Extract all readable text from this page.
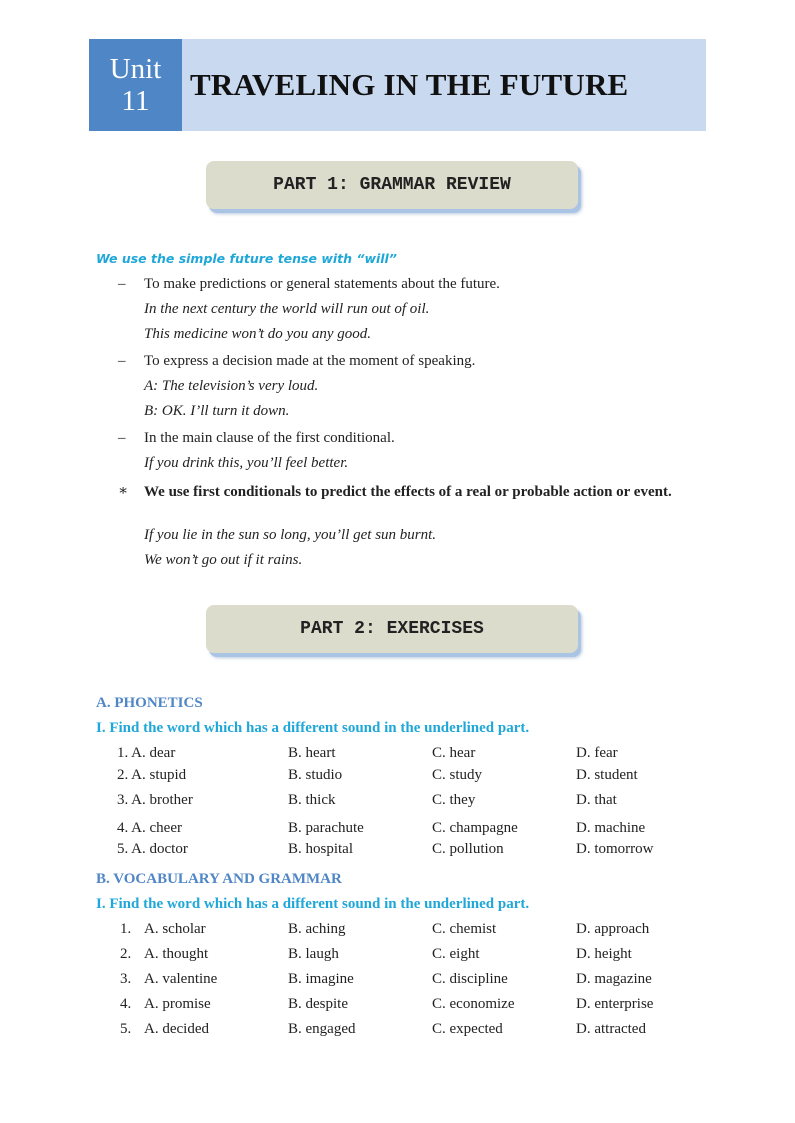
Unit
11 TRAVELING IN THE FUTURE
PART 1: GRAMMAR REVIEW
We use the simple future tense with “will”
– To make predictions or general statements about the future.
In the next century the world will run out of oil.
This medicine won’t do you any good.
– To express a decision made at the moment of speaking.
A: The television’s very loud.
B: OK. I’ll turn it down.
– In the main clause of the first conditional.
If you drink this, you’ll feel better.
∗ We use first conditionals to predict the effects of a real or probable action or event.
If you lie in the sun so long, you’ll get sun burnt.
We won’t go out if it rains.
PART 2: EXERCISES
A. PHONETICS
I. Find the word which has a different sound in the underlined part.
1. A. dear	B. heart	C. hear	D. fear
2. A. stupid	B. studio	C. study	D. student
3. A. brother	B. thick	C. they	D. that
4. A. cheer	B. parachute	C. champagne	D. machine
5. A. doctor	B. hospital	C. pollution	D. tomorrow
B. VOCABULARY AND GRAMMAR
I. Find the word which has a different sound in the underlined part.
1. A. scholar	B. aching	C. chemist	D. approach
2. A. thought	B. laugh	C. eight	D. height
3. A. valentine	B. imagine	C. discipline	D. magazine
4. A. promise	B. despite	C. economize	D. enterprise
5. A. decided	B. engaged	C. expected	D. attracted
